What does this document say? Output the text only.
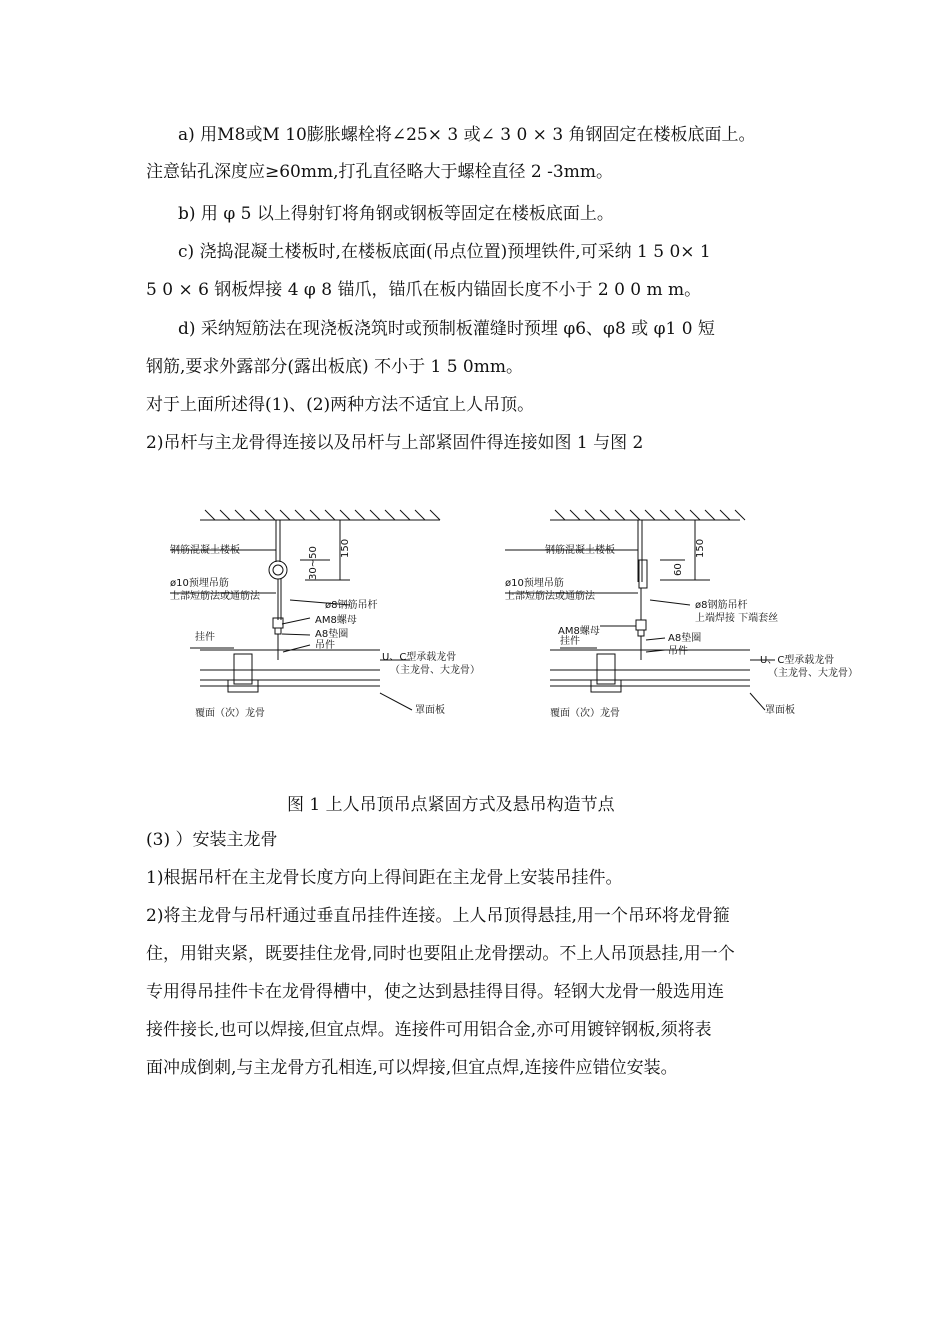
a) 用M8或M 10膨胀螺栓将∠25× 3 或∠ 3 0 × 3 角钢固定在楼板底面上。
注意钻孔深度应≥60mm,打孔直径略大于螺栓直径 2 -3mm。
b) 用 φ 5 以上得射钉将角钢或钢板等固定在楼板底面上。
c) 浇捣混凝土楼板时,在楼板底面(吊点位置)预埋铁件,可采纳 1 5 0× 1
5 0 × 6 钢板焊接 4 φ 8 锚爪，锚爪在板内锚固长度不小于 2 0 0 m m。
d) 采纳短筋法在现浇板浇筑时或预制板灌缝时预埋 φ6、φ8 或 φ1 0 短
钢筋,要求外露部分(露出板底) 不小于 1 5 0mm。
对于上面所述得(1)、(2)两种方法不适宜上人吊顶。
2)吊杆与主龙骨得连接以及吊杆与上部紧固件得连接如图 1 与图 2
钢筋混凝土楼板
ø10预埋吊筋
上部短筋法或通筋法
ø8钢筋吊杆
AM8螺母
A8垫圈
吊件
挂件
U、C型承载龙骨
（主龙骨、大龙骨）
罩面板
覆面（次）龙骨
150
30~50	钢筋混凝土楼板
ø10预埋吊筋
上部短筋法或通筋法
ø8钢筋吊杆
上端焊接 下端套丝
AM8螺母
A8垫圈
吊件
挂件
U、C型承载龙骨
（主龙骨、大龙骨）
罩面板
覆面（次）龙骨
150
60
图 1 上人吊顶吊点紧固方式及悬吊构造节点
(3) ）安装主龙骨
1)根据吊杆在主龙骨长度方向上得间距在主龙骨上安装吊挂件。
2)将主龙骨与吊杆通过垂直吊挂件连接。上人吊顶得悬挂,用一个吊环将龙骨箍
住，用钳夹紧，既要挂住龙骨,同时也要阻止龙骨摆动。不上人吊顶悬挂,用一个
专用得吊挂件卡在龙骨得槽中，使之达到悬挂得目得。轻钢大龙骨一般选用连
接件接长,也可以焊接,但宜点焊。连接件可用铝合金,亦可用镀锌钢板,须将表
面冲成倒刺,与主龙骨方孔相连,可以焊接,但宜点焊,连接件应错位安装。
